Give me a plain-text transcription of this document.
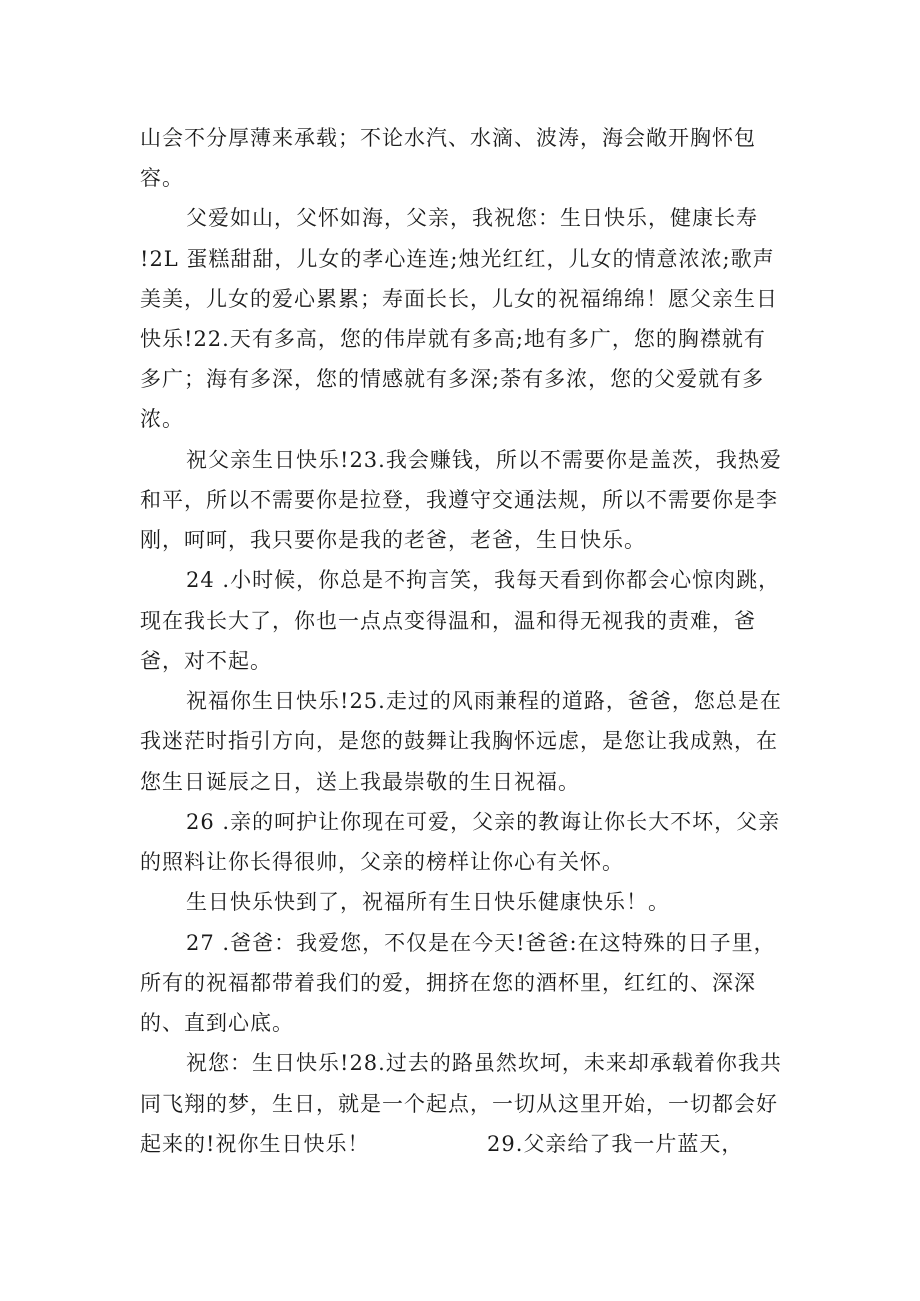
山会不分厚薄来承载；不论水汽、水滴、波涛，海会敞开胸怀包
容。
父爱如山，父怀如海，父亲，我祝您：生日快乐，健康长寿
!2L 蛋糕甜甜，儿女的孝心连连;烛光红红，儿女的情意浓浓;歌声
美美，儿女的爱心累累；寿面长长，儿女的祝福绵绵！愿父亲生日
快乐!22.天有多高，您的伟岸就有多高;地有多广，您的胸襟就有
多广；海有多深，您的情感就有多深;荼有多浓，您的父爱就有多
浓。
祝父亲生日快乐!23.我会赚钱，所以不需要你是盖茨，我热爱
和平，所以不需要你是拉登，我遵守交通法规，所以不需要你是李
刚，呵呵，我只要你是我的老爸，老爸，生日快乐。
24 .小时候，你总是不拘言笑，我每天看到你都会心惊肉跳，
现在我长大了，你也一点点变得温和，温和得无视我的责难，爸
爸，对不起。
祝福你生日快乐!25.走过的风雨兼程的道路，爸爸，您总是在
我迷茫时指引方向，是您的鼓舞让我胸怀远虑，是您让我成熟，在
您生日诞辰之日，送上我最崇敬的生日祝福。
26 .亲的呵护让你现在可爱，父亲的教诲让你长大不坏，父亲
的照料让你长得很帅，父亲的榜样让你心有关怀。
生日快乐快到了，祝福所有生日快乐健康快乐！。
27 .爸爸：我爱您，不仅是在今天!爸爸:在这特殊的日子里，
所有的祝福都带着我们的爱，拥挤在您的酒杯里，红红的、深深
的、直到心底。
祝您：生日快乐!28.过去的路虽然坎坷，未来却承载着你我共
同飞翔的梦，生日，就是一个起点，一切从这里开始，一切都会好
起来的!祝你生日快乐！	29.父亲给了我一片蓝天，
